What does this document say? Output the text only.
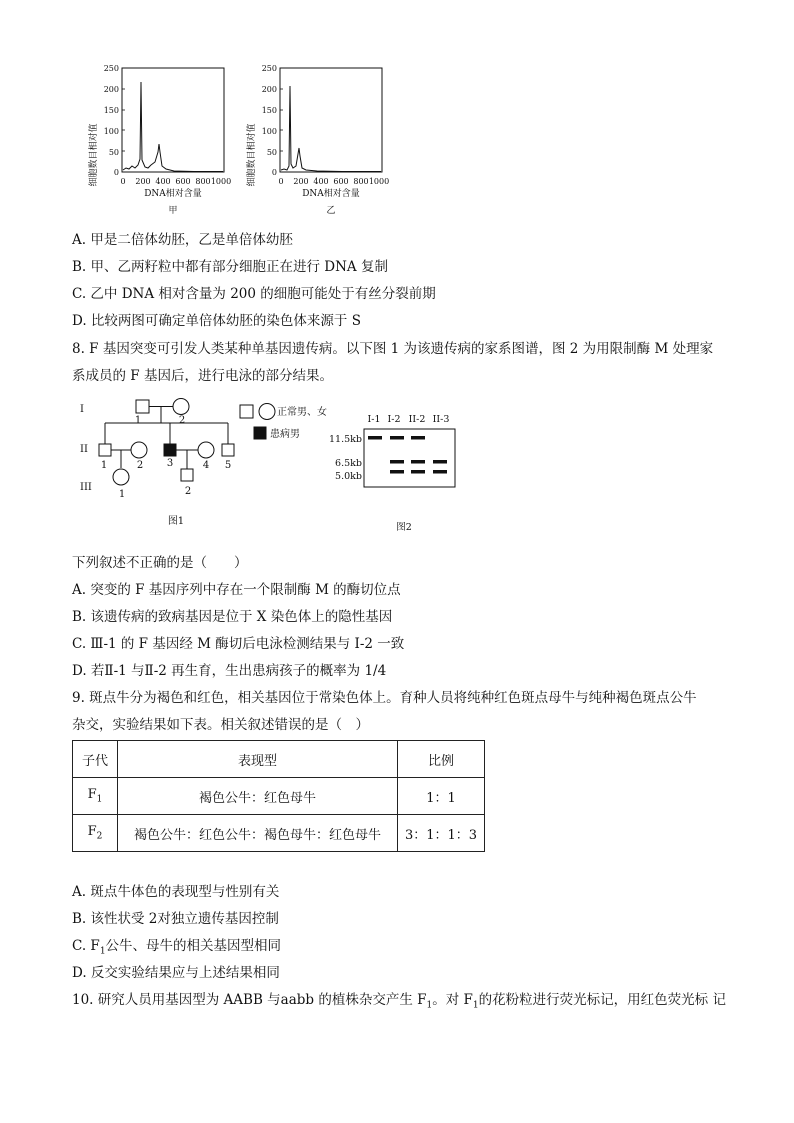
细胞数目相对值
250
200
150
100
50
0
0 200 400 600 800 1000
DNA相对含量
甲
细胞数目相对值
250
200
150
100
50
0
0 200 400 600 800 1000
DNA相对含量
乙
A. 甲是二倍体幼胚，乙是单倍体幼胚
B. 甲、乙两籽粒中都有部分细胞正在进行 DNA 复制
C. 乙中 DNA 相对含量为 200 的细胞可能处于有丝分裂前期
D. 比较两图可确定单倍体幼胚的染色体来源于 S
8. F 基因突变可引发人类某种单基因遗传病。以下图 1 为该遗传病的家系图谱，图 2 为用限制酶 M 处理家
系成员的 F 基因后，进行电泳的部分结果。
I
II
III
1	2
1	2 3	4 5
1	2
正常男、女
患病男
图1
I-1 I-2 II-2 II-3
11.5kb
6.5kb
5.0kb
图2
下列叙述不正确的是（　　）
A. 突变的 F 基因序列中存在一个限制酶 M 的酶切位点
B. 该遗传病的致病基因是位于 X 染色体上的隐性基因
C. Ⅲ-1 的 F 基因经 M 酶切后电泳检测结果与 I-2 一致
D. 若Ⅱ-1 与Ⅱ-2 再生育，生出患病孩子的概率为 1/4
9. 斑点牛分为褐色和红色，相关基因位于常染色体上。育种人员将纯种红色斑点母牛与纯种褐色斑点公牛
杂交，实验结果如下表。相关叙述错误的是（　）
子代	表现型	比例
$F_1$	褐色公牛：红色母牛	1：1
$F_2$	褐色公牛：红色公牛：褐色母牛：红色母牛	3：1：1：3
A. 斑点牛体色的表现型与性别有关
B. 该性状受 2对独立遗传基因控制
C. $F_1$公牛、母牛的相关基因型相同
D. 反交实验结果应与上述结果相同
10. 研究人员用基因型为 AABB 与aabb 的植株杂交产生 $F_1$。对 $F_1$的花粉粒进行荧光标记，用红色荧光标 记
